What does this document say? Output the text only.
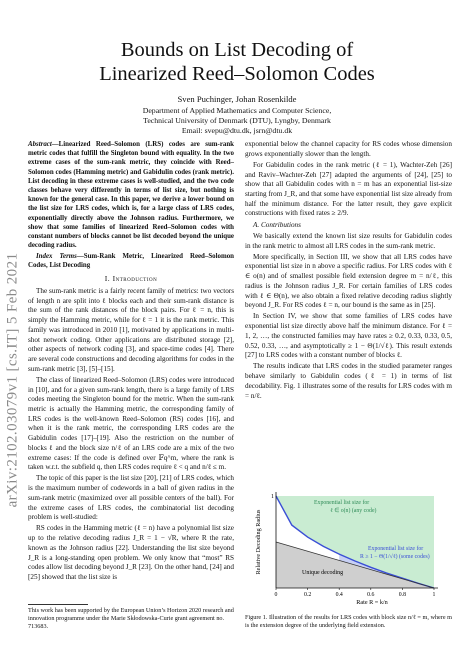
Bounds on List Decoding of
Linearized Reed–Solomon Codes
Sven Puchinger, Johan Rosenkilde
Department of Applied Mathematics and Computer Science,
Technical University of Denmark (DTU), Lyngby, Denmark
Email: svepu@dtu.dk, jsrn@dtu.dk
arXiv:2102.03079v1 [cs.IT] 5 Feb 2021

Abstract—Linearized Reed–Solomon (LRS) codes are sum-rank metric codes that fulfill the Singleton bound with equality. In the two extreme cases of the sum-rank metric, they coincide with Reed–Solomon codes (Hamming metric) and Gabidulin codes (rank metric). List decoding in these extreme cases is well-studied, and the two code classes behave very differently in terms of list size, but nothing is known for the general case. In this paper, we derive a lower bound on the list size for LRS codes, which is, for a large class of LRS codes, exponentially directly above the Johnson radius. Furthermore, we show that some families of linearized Reed–Solomon codes with constant numbers of blocks cannot be list decoded beyond the unique decoding radius.

Index Terms—Sum-Rank Metric, Linearized Reed–Solomon Codes, List Decoding

I. Introduction

The sum-rank metric is a fairly recent family of metrics: two vectors of length n are split into ℓ blocks each and their sum-rank distance is the sum of the rank distances of the block pairs. For ℓ = n, this is simply the Hamming metric, while for ℓ = 1 it is the rank metric. This family was introduced in 2010 [1], motivated by applications in multi-shot network coding. Other applications are distributed storage [2], other aspects of network coding [3], and space-time codes [4]. There are several code constructions and decoding algorithms for codes in the sum-rank metric [3], [5]–[15].

The class of linearized Reed–Solomon (LRS) codes were introduced in [10], and for a given sum-rank length, there is a large family of LRS codes meeting the Singleton bound for the metric. When the sum-rank metric is actually the Hamming metric, the corresponding family of LRS codes is the well-known Reed–Solomon (RS) codes [16], and when it is the rank metric, the corresponding LRS codes are the Gabidulin codes [17]–[19]. Also the restriction on the number of blocks ℓ and the block size n/ℓ of an LRS code are a mix of the two extreme cases: If the code is defined over 𝔽q^m, where the rank is taken w.r.t. the subfield q, then LRS codes require ℓ < q and n/ℓ ≤ m.

The topic of this paper is the list size [20], [21] of LRS codes, which is the maximum number of codewords in a ball of given radius in the sum-rank metric (maximized over all possible centers of the ball). For the extreme cases of LRS codes, the combinatorial list decoding problem is well-studied:

RS codes in the Hamming metric (ℓ = n) have a polynomial list size up to the relative decoding radius J_R = 1 − √R, where R the rate, known as the Johnson radius [22]. Understanding the list size beyond J_R is a long-standing open problem. We only know that “most” RS codes allow list decoding beyond J_R [23]. On the other hand, [24] and [25] showed that the list size is

This work has been supported by the European Union’s Horizon 2020 research and innovation programme under the Marie Skłodowska-Curie grant agreement no. 713683.

exponential below the channel capacity for RS codes whose dimension grows exponentially slower than the length.

For Gabidulin codes in the rank metric (ℓ = 1), Wachter-Zeh [26] and Raviv–Wachter-Zeh [27] adapted the arguments of [24], [25] to show that all Gabidulin codes with n = m has an exponential list-size starting from J_R, and that some have exponential list size already from half the minimum distance. For the latter result, they gave explicit constructions with fixed rates ≥ 2/9.

A. Contributions

We basically extend the known list size results for Gabidulin codes in the rank metric to almost all LRS codes in the sum-rank metric.

More specifically, in Section III, we show that all LRS codes have exponential list size in n above a specific radius. For LRS codes with ℓ ∈ o(n) and of smallest possible field extension degree m = n/ℓ, this radius is the Johnson radius J_R. For certain families of LRS codes with ℓ ∈ Θ(n), we also obtain a fixed relative decoding radius slightly beyond J_R. For RS codes ℓ = n, our bound is the same as in [25].

In Section IV, we show that some families of LRS codes have exponential list size directly above half the minimum distance. For ℓ = 1, 2, …, the constructed families may have rates ≥ 0.2, 0.33, 0.33, 0.5, 0.52, 0.33, …, and asymptotically ≥ 1 − Θ(1/√ℓ). This result extends [27] to LRS codes with a constant number of blocks ℓ.

The results indicate that LRS codes in the studied parameter ranges behave similarly to Gabidulin codes (ℓ = 1) in terms of list decodability. Fig. 1 illustrates some of the results for LRS codes with m = n/ℓ.

0	0.2	0.4	0.6	0.8	1
1
Relative Decoding Radius
Rate R = k/n
Exponential list size for
ℓ ∈ o(n) (any code)
Exponential list size for
R ≥ 1 − Θ(1/√ℓ) (some codes)
Unique decoding
Figure 1. Illustration of the results for LRS codes with block size n/ℓ = m, where m is the extension degree of the underlying field extension.
